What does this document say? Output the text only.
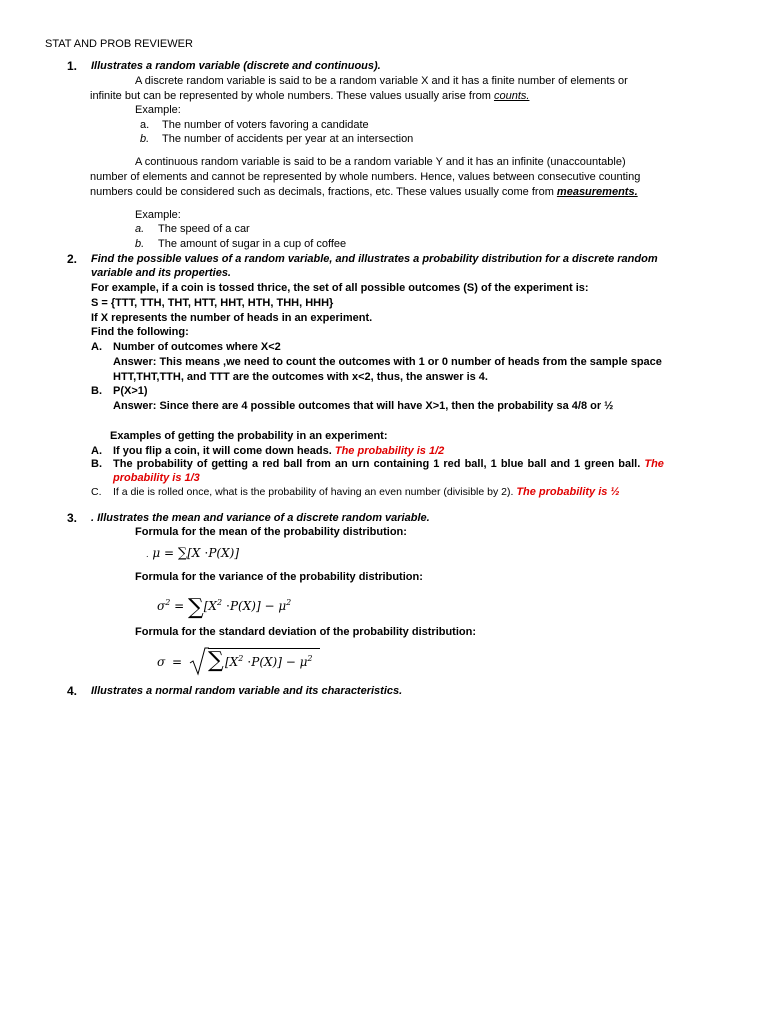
STAT AND PROB REVIEWER
1. Illustrates a random variable (discrete and continuous).
A discrete random variable is said to be a random variable X and it has a finite number of elements or
infinite but can be represented by whole numbers. These values usually arise from counts.
Example:
a. The number of voters favoring a candidate
b. The number of accidents per year at an intersection
A continuous random variable is said to be a random variable Y and it has an infinite (unaccountable)
number of elements and cannot be represented by whole numbers. Hence, values between consecutive counting
numbers could be considered such as decimals, fractions, etc. These values usually come from measurements.
Example:
a. The speed of a car
b. The amount of sugar in a cup of coffee
2. Find the possible values of a random variable, and illustrates a probability distribution for a discrete random
variable and its properties.
For example, if a coin is tossed thrice, the set of all possible outcomes (S) of the experiment is:
S = {TTT, TTH, THT, HTT, HHT, HTH, THH, HHH}
If X represents the number of heads in an experiment.
Find the following:
A. Number of outcomes where X<2
Answer: This means ,we need to count the outcomes with 1 or 0 number of heads from the sample space
HTT,THT,TTH, and TTT are the outcomes with x<2, thus, the answer is 4.
B. P(X>1)
Answer: Since there are 4 possible outcomes that will have X>1, then the probability sa 4/8 or ½
Examples of getting the probability in an experiment:
A. If you flip a coin, it will come down heads. The probability is 1/2
B. The probability of getting a red ball from an urn containing 1 red ball, 1 blue ball and 1 green ball. The
probability is 1/3
C. If a die is rolled once, what is the probability of having an even number (divisible by 2). The probability is ½
3. . Illustrates the mean and variance of a discrete random variable.
Formula for the mean of the probability distribution:
. μ = ∑[X ⋅P(X)]
Formula for the variance of the probability distribution:
$\sigma^2 = \sum[X^2 \cdot P(X)] - \mu^2$
Formula for the standard deviation of the probability distribution:
σ = ∑ $[X^2 \cdot P(X)] - \mu^2$
4. Illustrates a normal random variable and its characteristics.
